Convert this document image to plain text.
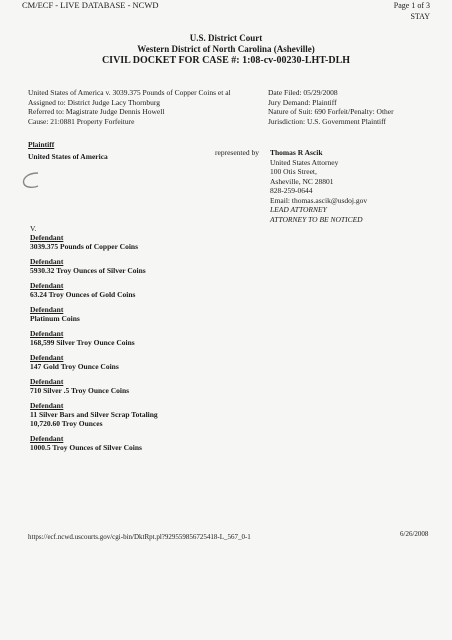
CM/ECF - LIVE DATABASE - NCWD	Page 1 of 3
STAY
U.S. District Court
Western District of North Carolina (Asheville)
CIVIL DOCKET FOR CASE #: 1:08-cv-00230-LHT-DLH
United States of America v. 3039.375 Pounds of Copper Coins et al
Assigned to: District Judge Lacy Thornburg
Referred to: Magistrate Judge Dennis Howell
Cause: 21:0881 Property Forfeiture
Date Filed: 05/29/2008
Jury Demand: Plaintiff
Nature of Suit: 690 Forfeit/Penalty: Other
Jurisdiction: U.S. Government Plaintiff
Plaintiff
United States of America	represented by Thomas R Ascik
United States Attorney
100 Otis Street,
Asheville, NC 28801
828-259-0644
Email: thomas.ascik@usdoj.gov
LEAD ATTORNEY
ATTORNEY TO BE NOTICED
V.
Defendant
3039.375 Pounds of Copper Coins
Defendant
5930.32 Troy Ounces of Silver Coins
Defendant
63.24 Troy Ounces of Gold Coins
Defendant
Platinum Coins
Defendant
168,599 Silver Troy Ounce Coins
Defendant
147 Gold Troy Ounce Coins
Defendant
710 Silver .5 Troy Ounce Coins
Defendant
11 Silver Bars and Silver Scrap Totaling
10,720.60 Troy Ounces
Defendant
1000.5 Troy Ounces of Silver Coins
https://ecf.ncwd.uscourts.gov/cgi-bin/DktRpt.pl?929559856725418-L_567_0-1	6/26/2008
